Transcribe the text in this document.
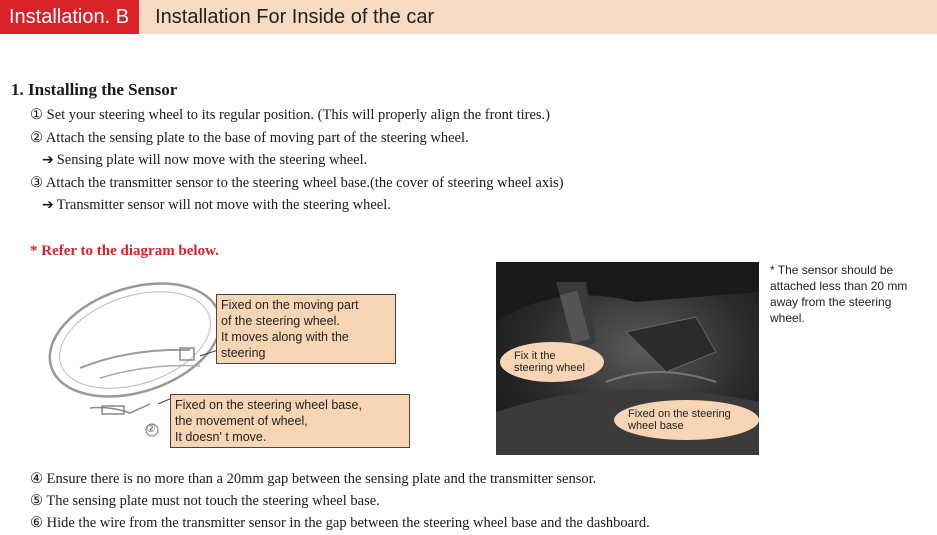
Installation. B	Installation For Inside of the car
1. Installing the Sensor
① Set your steering wheel to its regular position. (This will properly align the front tires.)
② Attach the sensing plate to the base of moving part of the steering wheel.
➔ Sensing plate will now move with the steering wheel.
③ Attach the transmitter sensor to the steering wheel base.(the cover of steering wheel axis)
➔ Transmitter sensor will not move with the steering wheel.
* Refer to the diagram below.
②
Fixed on the moving part
of the steering wheel.
It moves along with the
steering
Fixed on the steering wheel base,
the movement of wheel,
It doesn' t move.
Fix it the
steering wheel
Fixed on the steering
wheel base
* The sensor should be
attached less than 20 mm
away from the steering
wheel.
④ Ensure there is no more than a 20mm gap between the sensing plate and the transmitter sensor.
⑤ The sensing plate must not touch the steering wheel base.
⑥ Hide the wire from the transmitter sensor in the gap between the steering wheel base and the dashboard.
